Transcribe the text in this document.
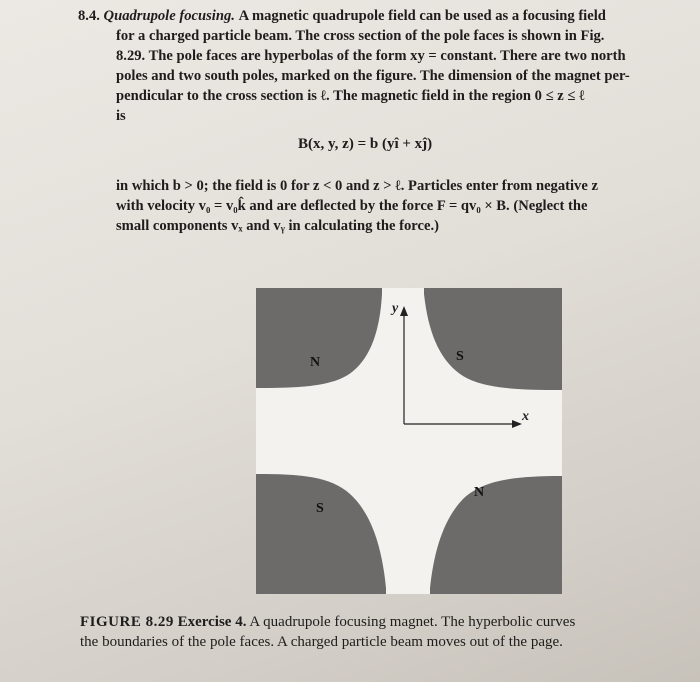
8.4. Quadrupole focusing. A magnetic quadrupole field can be used as a focusing field

for a charged particle beam. The cross section of the pole faces is shown in Fig.

8.29. The pole faces are hyperbolas of the form xy = constant. There are two north

poles and two south poles, marked on the figure. The dimension of the magnet per-

pendicular to the cross section is ℓ. The magnetic field in the region 0 ≤ z ≤ ℓ

is

B(x, y, z) = b (yî + xĵ)
in which b > 0; the field is 0 for z < 0 and z > ℓ. Particles enter from negative z
with velocity v₀ = v₀k̂ and are deflected by the force F = qv₀ × B. (Neglect the
small components vₓ and vᵧ in calculating the force.)
y
x
N	S
S
N
FIGURE 8.29 Exercise 4. A quadrupole focusing magnet. The hyperbolic curves
the boundaries of the pole faces. A charged particle beam moves out of the page.
